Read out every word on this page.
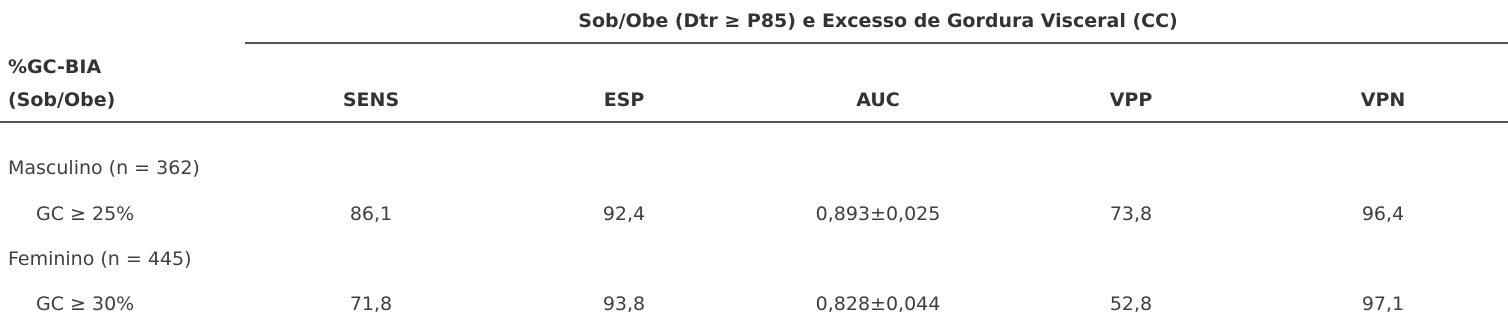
Sob/Obe (Dtr ≥ P85) e Excesso de Gordura Visceral (CC)
%GC-BIA
(Sob/Obe)	SENS	ESP	AUC	VPP	VPN
Masculino (n = 362)
GC ≥ 25%	86,1	92,4	0,893±0,025	73,8	96,4
Feminino (n = 445)
GC ≥ 30%	71,8	93,8	0,828±0,044	52,8	97,1
